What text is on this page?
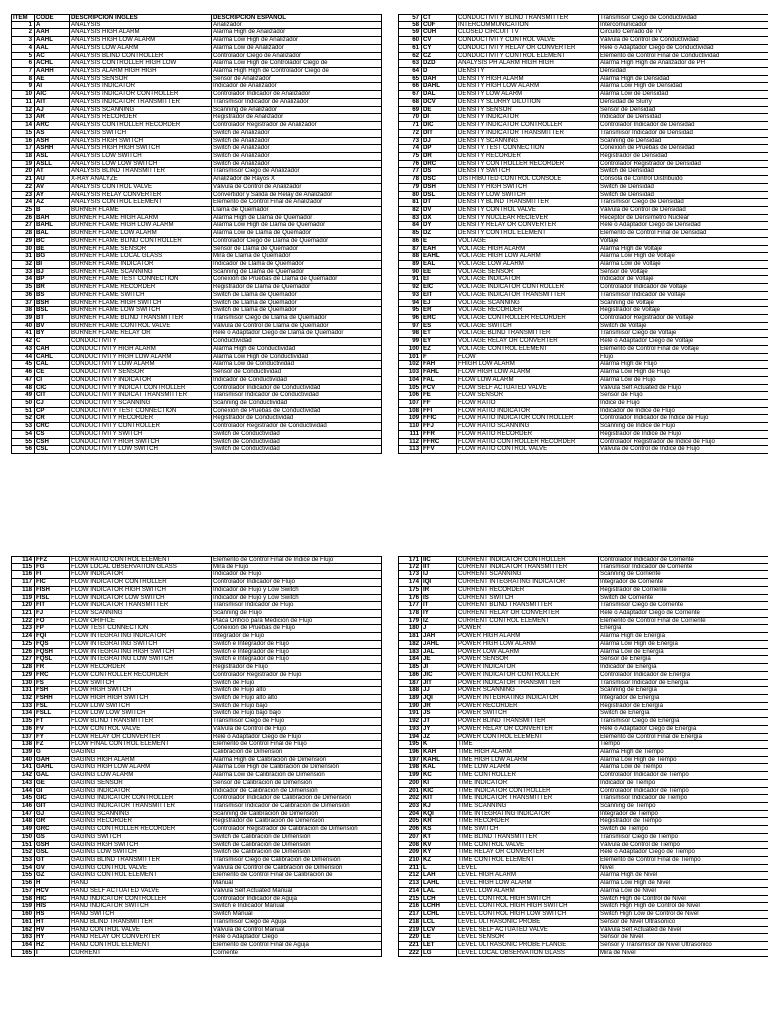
ITEM	CODE	DESCRIPCION INGLES	DESCRIPCION ESPAÑOL
1 A	ANALYSIS	Analizador
2 AAH	ANALYSIS HIGH ALARM	Alarma High de Analizador
3 AAHL	ANALYSIS HIGH LOW ALARM	Alarma Low High de Analizador
4 AAL	ANALYSIS LOW ALARM	Alarma Low de Analizador
5 AC	ANALYSIS BLIND CONTROLLER	Controlador Ciego de Analizador
6 ACHL	ANALYSIS CONTROLLER HIGH LOW	Alarma Low High de Controlador Ciego de
7 AAHH	ANALYSIS ALARM HIGH HIGH	Alarma High High de Controlador Ciego de
8 AE	ANALYSIS SENSOR	Sensor de Analizador
9 AI	ANALYSIS INDICATOR	Indicador de Analizador
10 AIC	ANALYSIS INDICATOR CONTROLLER	Controlador Indicador de Analizador
11 AIT	ANALYSIS INDICATOR TRANSMITTER	Transmisor Indicador de Analizador
12 AJ	ANALYSIS SCANNING	Scanning de Analizador
13 AR	ANALYSIS RECORDER	Registrador de Analizador
14 ARC	ANALYSIS CONTROLLER RECORDER	Controlador Registrador de Analizador
15 AS	ANALYSIS SWITCH	Switch de Analizador
16 ASH	ANALYSIS HIGH SWITCH	Switch de Analizador
17 ASHH	ANALYSIS HIGH HIGH SWITCH	Switch de Analizador
18 ASL	ANALYSIS LOW SWITCH	Switch de Analizador
19 ASLL	ANALYSIS LOW LOW SWITCH	Switch de Analizador
20 AT	ANALYSIS BLIND TRANSMITTER	Transmisor Ciego de Analizador
21 AU	X-RAY ANALYZE	Analizador de Rayos X
22 AV	ANALYSIS CONTROL VALVE	Válvula de Control de Analizador
23 AY	ANALYSIS RELAY CONVERTER	Convertidor y Salida de Relay de Analizador
24 AZ	ANALYSIS CONTROL ELEMENT	Elemento de Control Final de Analizador
25 B	BURNER FLAME	Llama de Quemador
26 BAH	BURNER FLAME HIGH ALARM	Alarma High de Llama de Quemador
27 BAHL	BURNER FLAME HIGH LOW ALARM	Alarma Low High de Llama de Quemador
28 BAL	BURNER FLAME LOW ALARM	Alarma Low de Llama de Quemador
29 BC	BURNER FLAME BLIND CONTROLLER	Controlador Ciego de Llama de Quemador
30 BE	BURNER FLAME SENSOR	Sensor de Llama de Quemador
31 BG	BURNER FLAME LOCAL GLASS	Mira de Llama de Quemador
32 BI	BURNER FLAME INDICATOR	Indicador de Llama de Quemador
33 BJ	BURNER FLAME SCANNING	Scanning de Llama de Quemador
34 BP	BURNER FLAME TEST CONNECTION	Conexión de Pruebas de Llama de Quemador
35 BR	BURNER FLAME RECORDER	Registrador de Llama de Quemador
36 BS	BURNER FLAME SWITCH	Switch de Llama de Quemador
37 BSH	BURNER FLAME HIGH SWITCH	Switch de Llama de Quemador
38 BSL	BURNER FLAME LOW SWITCH	Switch de Llama de Quemador
39 BT	BURNER FLAME BLIND TRANSMITTER	Transmisor Ciego de Llama de Quemador
40 BV	BURNER FLAME CONTROL VALVE	Válvula de Control de Llama de Quemador
41 BY	BURNER FLAME RELAY OR	Relé o Adaptador Ciego de Llama de Quemador
42 C	CONDUCTIVITY	Conductividad
43 CAH	CONDUCTIVITY HIGH ALARM	Alarma High de Conductividad
44 CAHL	CONDUCTIVITY HIGH LOW ALARM	Alarma Low High de Conductividad
45 CAL	CONDUCTIVITY LOW ALARM	Alarma Low de Conductividad
46 CE	CONDUCTIVITY SENSOR	Sensor de Conductividad
47 CI	CONDUCTIVITY INDICATOR	Indicador de Conductividad
48 CIC	CONDUCTIVITY INDICAT CONTROLLER	Controlador Indicador de Conductividad
49 CIT	CONDUCTIVITY INDICAT TRANSMITTER	Transmisor Indicador de Conductividad
50 CJ	CONDUCTIVITY SCANNING	Scanning de Conductividad
51 CP	CONDUCTIVITY TEST CONNECTION	Conexión de Pruebas de Conductividad
52 CR	CONDUCTIVITY RECORDER	Registrador de Conductividad
53 CRC	CONDUCTIVITY CONTROLLER	Controlador Registrador de Conductividad
54 CS	CONDUCTIVITY SWITCH	Switch de Conductividad
55 CSH	CONDUCTIVITY HIGH SWITCH	Switch de Conductividad
56 CSL	CONDUCTIVITY LOW SWITCH	Switch de Conductividad
57 CT	CONDUCTIVITY BLIND TRANSMITTER	Transmisor Ciego de Conductividad
58 CUF	INTERCOMMUNICATION	Intercomunicador
59 CUH	CLOSED CIRCUIT TV	Circuito Cerrado de TV
60 CV	CONDUCTIVITY CONTROL VALVE	Válvula de Control de Conductividad
61 CY	CONDUCTIVITY RELAY OR CONVERTER	Relé o Adaptador Ciego de Conductividad
62 CZ	CONDUCTIVITY CONTROL ELEMENT	Elemento de Control Final de Conductividad
63 DZD	ANALYSIS PH ALARM HIGH HIGH	Alarma High High de Analizador de PH
64 D	DENSITY	Densidad
65 DAH	DENSITY HIGH ALARM	Alarma High de Densidad
66 DAHL	DENSITY HIGH LOW ALARM	Alarma Low High de Densidad
67 DAL	DENSITY LOW ALARM	Alarma Low de Densidad
68 DCV	DENSITY SLURRY DILUTION	Densidad de Slurry
69 DE	DENSITY SENSOR	Sensor de Densidad
70 DI	DENSITY INDICATOR	Indicador de Densidad
71 DIC	DENSITY INDICATOR CONTROLLER	Controlador Indicador de Densidad
72 DIT	DENSITY INDICATOR TRANSMITTER	Transmisor Indicador de Densidad
73 DJ	DENSITY SCANNING	Scanning de Densidad
74 DP	DENSITY TEST CONNECTION	Conexión de Pruebas de Densidad
75 DR	DENSITY RECORDER	Registrador de Densidad
76 DRC	DENSITY CONTROLLER RECORDER	Controlador Registrador de Densidad
77 DS	DENSITY SWITCH	Switch de Densidad
78 DSC	DISTRIBUTED CONTROL CONSOLE	Consola de Control Distribuido
79 DSH	DENSITY HIGH SWITCH	Switch de Densidad
80 DSL	DENSITY LOW SWITCH	Switch de Densidad
81 DT	DENSITY BLIND TRANSMITTER	Transmisor Ciego de Densidad
82 DV	DENSITY CONTROL VALVE	Válvula de Control de Densidad
83 DX	DENSITY NUCLEAR RECIEVER	Receptor de Densímetro Nuclear
84 DY	DENSITY RELAY OR CONVERTER	Relé o Adaptador Ciego de Densidad
85 DZ	DENSITY CONTROL ELEMENT	Elemento de Control Final de Densidad
86 E	VOLTAGE	Voltaje
87 EAH	VOLTAGE HIGH ALARM	Alarma High de Voltaje
88 EAHL	VOLTAGE HIGH LOW ALARM	Alarma Low High de Voltaje
89 EAL	VOLTAGE LOW ALARM	Alarma Low de Voltaje
90 EE	VOLTAGE SENSOR	Sensor de Voltaje
91 EI	VOLTAGE INDICATOR	Indicador de Voltaje
92 EIC	VOLTAGE INDICATOR CONTROLLER	Controlador Indicador de Voltaje
93 EIT	VOLTAGE INDICATOR TRANSMITTER	Transmisor Indicador de Voltaje
94 EJ	VOLTAGE SCANNING	Scanning de Voltaje
95 ER	VOLTAGE RECORDER	Registrador de Voltaje
96 ERC	VOLTAGE CONTROLLER RECORDER	Controlador Registrador de Voltaje
97 ES	VOLTAGE SWITCH	Switch de Voltaje
98 ET	VOLTAGE BLIND TRANSMITTER	Transmisor Ciego de Voltaje
99 EY	VOLTAGE RELAY OR CONVERTER	Relé o Adaptador Ciego de Voltaje
100 EZ	VOLTAGE CONTROL ELEMENT	Elemento de Control Final de Voltaje
101 F	FLOW	Flujo
102 FAH	FHIGH LOW ALARM	Alarma High de Flujo
103 FAHL	FLOW HIGH LOW ALARM	Alarma Low High de Flujo
104 FAL	FLOW LOW ALARM	Alarma Low de Flujo
105 FCV	FLOW SELF ACTUATED VALVE	Válvula Self Actuated de Flujo
106 FE	FLOW SENSOR	Sensor de Flujo
107 FF	FLOW RATIO	Indice de Flujo
108 FFI	FLOW RATIO INDICATOR	Indicador de Indice de Flujo
109 FFIC	FLOW RATIO INDICATOR CONTROLLER	Controlador Indicador de Indice de Flujo
110 FFJ	FLOW RATIO SCANNING	Scanning de Indice de Flujo
111 FFR	FLOW RATIO RECORDER	Registrador de Indice de Flujo
112 FFRC	FLOW RATIO CONTROLLER RECORDER	Controlador Registrador de Indice de Flujo
113 FFV	FLOW RATIO CONTROL VALVE	Válvula de Control de Indice de Flujo
114 FFZ	FLOW RATIO CONTROL ELEMENT	Elemento de Control Final de Indice de Flujo
115 FG	FLOW LOCAL OBSERVATION GLASS	Mira de Flujo
116 FI	FLOW INDICATOR	Indicador de Flujo
117 FIC	FLOW INDICATOR CONTROLLER	Controlador Indicador de Flujo
118 FISH	FLOW INDICATOR HIGH SWITCH	Indicador de Flujo y Low Switch
119 FISL	FLOW INDICATOR LOW SWITCH	Indicador de Flujo y Low Switch
120 FIT	FLOW INDICATOR TRANSMITTER	Transmisor Indicador de Flujo
121 FJ	FLOW SCANNING	Scanning de Flujo
122 FO	FLOW ORIFICE	Placa Orificio para Medición de Flujo
123 FP	FLOW TEST CONNECTION	Conexión de Pruebas de Flujo
124 FQI	FLOW INTEGRATING INDICATOR	Integrador de Flujo
125 FQS	FLOW INTEGRATING SWITCH	Switch e Integrador de Flujo
126 FQSH	FLOW INTEGRATING HIGH SWITCH	Switch e Integrador de Flujo
127 FQSL	FLOW INTEGRATING LOW SWITCH	Switch e Integrador de Flujo
128 FR	FLOW RECORDER	Registrador de Flujo
129 FRC	FLOW CONTROLLER RECORDER	Controlador Registrador de Flujo
130 FS	FLOW SWITCH	Switch de Flujo
131 FSH	FLOW HIGH SWITCH	Switch de Flujo alto
132 FSHH	FLOW HIGH HIGH SWITCH	Switch de Flujo alto alto
133 FSL	FLOW LOW SWITCH	Switch de Flujo bajo
134 FSLL	FLOW LOW LOW SWITCH	Switch de Flujo bajo bajo
135 FT	FLOW BLIND TRANSMITTER	Transmisor Ciego de Flujo
136 FV	FLOW CONTROL VALVE	Válvula de Control de Flujo
137 FY	FLOW RELAY OR CONVERTER	Relé o Adaptador Ciego de Flujo
138 FZ	FLOW FINAL CONTROL ELEMENT	Elemento de Control Final de Flujo
139 G	GAGING	Calibración de Dimensión
140 GAH	GAGING HIGH ALARM	Alarma High de Calibración de Dimensión
141 GAHL	GAGING HIGH LOW ALARM	Alarma Low High de Calibración de Dimensión
142 GAL	GAGING LOW ALARM	Alarma Low de Calibración de Dimensión
143 GE	GAGING SENSOR	Sensor de Calibración de Dimensión
144 GI	GAGING INDICATOR	Indicador de Calibración de Dimensión
145 GIC	GAGING INDICATOR CONTROLLER	Controlador Indicador de Calibración de Dimensión
146 GIT	GAGING INDICATOR TRANSMITTER	Transmisor Indicador de Calibración de Dimensión
147 GJ	GAGING SCANNING	Scanning de Calibración de Dimensión
148 GR	GAGING RECORDER	Registrador de Calibración de Dimensión
149 GRC	GAGING CONTROLLER RECORDER	Controlador Registrador de Calibración de Dimensión
150 GS	GAGING SWITCH	Switch de Calibración de Dimensión
151 GSH	GAGING HIGH SWITCH	Switch de Calibración de Dimensión
152 GSL	GAGING LOW SWITCH	Switch de Calibración de Dimensión
153 GT	GAGING BLIND TRANSMITTER	Transmisor Ciego de Calibración de Dimensión
154 GV	GAGING CONTROL VALVE	Válvula de Control de Calibración de Dimensión
155 GZ	GAGING CONTROL ELEMENT	Elemento de Control Final de Calibración de
156 H	HAND	Manual
157 HCV	HAND SELF ACTUATED VALVE	Válvula Self Actuated Manual
158 HIC	HAND INDICATOR CONTROLLER	Controlador Indicador de Aguja
159 HIS	HAND INDICATOR SWITCH	Switch e Indicador Manual
160 HS	HAND SWITCH	Switch Manual
161 HT	HAND BLIND TRANSMITTER	Transmisor Ciego de Aguja
162 HV	HAND CONTROL VALVE	Válvula de Control Manual
163 HY	HAND RELAY OR CONVERTER	Relé o Adaptador Ciego
164 HZ	HAND CONTROL ELEMENT	Elemento de Control Final de Aguja
165 I	CURRENT	Corriente
171 IIC	CURRENT INDICATOR CONTROLLER	Controlador Indicador de Corriente
172 IIT	CURRENT INDICATOR TRANSMITTER	Transmisor Indicador de Corriente
173 IJ	CURRENT SCANNING	Scanning de Corriente
174 IQI	CURRENT INTEGRATING INDICATOR	Integrador de Corriente
175 IR	CURRENT RECORDER	Registrador de Corriente
176 IS	CURRENT SWITCH	Switch de Corriente
177 IT	CURRENT BLIND TRANSMITTER	Transmisor Ciego de Corriente
178 IY	CURRENT RELAY OR CONVERTER	Relé o Adaptador Ciego de Corriente
179 IZ	CURRENT CONTROL ELEMENT	Elemento de Control Final de Corriente
180 J	POWER	Energía
181 JAH	POWER HIGH ALARM	Alarma High de Energía
182 JAHL	POWER HIGH LOW ALARM	Alarma Low High de Energía
183 JAL	POWER LOW ALARM	Alarma Low de Energía
184 JE	POWER SENSOR	Sensor de Energía
185 JI	POWER INDICATOR	Indicador de Energía
186 JIC	POWER INDICATOR CONTROLLER	Controlador Indicador de Energía
187 JIT	POWER INDICATOR TRANSMITTER	Transmisor Indicador de Energía
188 JJ	POWER SCANNING	Scanning de Energía
189 JQI	POWER INTEGRATING INDICATOR	Integrador de Energía
190 JR	POWER RECORDER	Registrador de Energía
191 JS	POWER SWITCH	Switch de Energía
192 JT	POWER BLIND TRANSMITTER	Transmisor Ciego de Energía
193 JY	POWER RELAY OR CONVERTER	Relé o Adaptador Ciego de Energía
194 JZ	POWER CONTROL ELEMENT	Elemento de Control Final de Energía
195 K	TIME	Tiempo
196 KAH	TIME HIGH ALARM	Alarma High de Tiempo
197 KAHL	TIME HIGH LOW ALARM	Alarma Low High de Tiempo
198 KAL	TIME LOW ALARM	Alarma Low de Tiempo
199 KC	TIME CONTROLLER	Controlador Indicador de Tiempo
200 KI	TIME INDICATOR	Indicador de Tiempo
201 KIC	TIME INDICATOR CONTROLLER	Controlador Indicador de Tiempo
202 KIT	TIME INDICATOR TRANSMITTER	Transmisor Indicador de Tiempo
203 KJ	TIME SCANNING	Scanning de Tiempo
204 KQI	TIME INTEGRATING INDICATOR	Integrador de Tiempo
205 KR	TIME RECORDER	Registrador de Tiempo
206 KS	TIME SWITCH	Switch de Tiempo
207 KT	TIME BLIND TRANSMITTER	Transmisor Ciego de Tiempo
208 KV	TIME CONTROL VALVE	Válvula de Control de Tiempo
209 KY	TIME RELAY OR CONVERTER	Relé o Adaptador Ciego de Tiempo
210 KZ	TIME CONTROL ELEMENT	Elemento de Control Final de Tiempo
211 L	LEVEL	Nivel
212 LAH	LEVEL HIGH ALARM	Alarma High de Nivel
213 LAHL	LEVEL HIGH LOW ALARM	Alarma Low High de Nivel
214 LAL	LEVEL LOW ALARM	Alarma Low de Nivel
215 LCH	LEVEL CONTROL HIGH SWITCH	Switch High de Control de Nivel
216 LCHH	LEVEL CONTROL HIGH HIGH SWITCH	Switch High High de Control de Nivel
217 LCHL	LEVEL CONTROL HIGH LOW SWITCH	Switch High Low de Control de Nivel
218 LCL	LEVEL ULTRASONIC PROBE	Sensor de Nivel Ultrasónico
219 LCV	LEVEL SELF ACTUATED VALVE	Válvula Self Actuated de Nivel
220 LE	LEVEL SENSOR	Sensor de Nivel
221 LET	LEVEL ULTRASONIC PROBE FLANGE	Sensor y Transmisor de Nivel Ultrasónico
222 LG	LEVEL LOCAL OBSERVATION GLASS	Mira de Nivel
